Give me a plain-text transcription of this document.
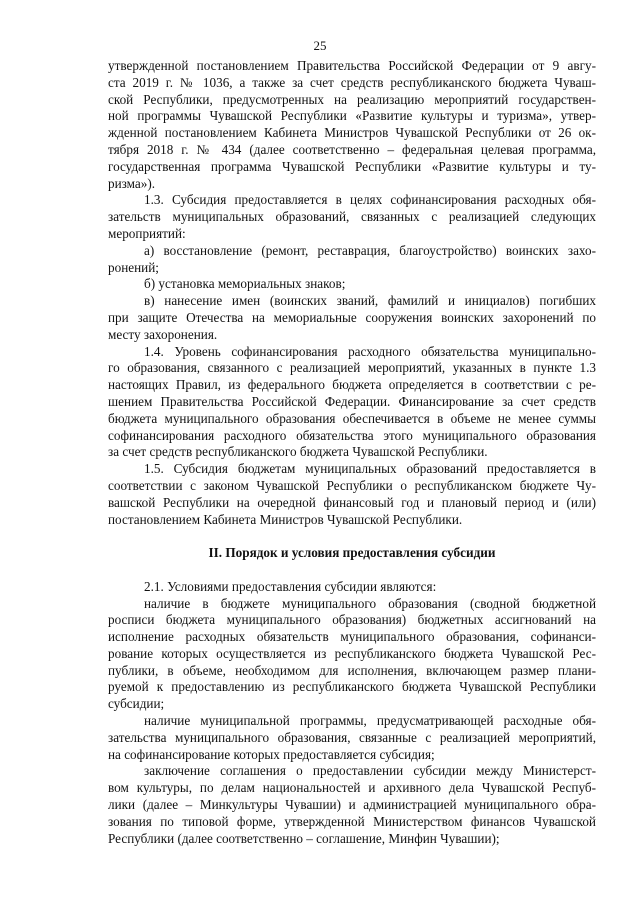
25
утвержденной постановлением Правительства Российской Федерации от 9 авгу-
ста 2019 г. № 1036, а также за счет средств республиканского бюджета Чуваш-
ской Республики, предусмотренных на реализацию мероприятий государствен-
ной программы Чувашской Республики «Развитие культуры и туризма», утвер-
жденной постановлением Кабинета Министров Чувашской Республики от 26 ок-
тября 2018 г. № 434 (далее соответственно – федеральная целевая программа,
государственная программа Чувашской Республики «Развитие культуры и ту-
ризма»).
1.3. Субсидия предоставляется в целях софинансирования расходных обя-
зательств муниципальных образований, связанных с реализацией следующих
мероприятий:
а) восстановление (ремонт, реставрация, благоустройство) воинских захо-
ронений;
б) установка мемориальных знаков;
в) нанесение имен (воинских званий, фамилий и инициалов) погибших
при защите Отечества на мемориальные сооружения воинских захоронений по
месту захоронения.
1.4. Уровень софинансирования расходного обязательства муниципально-
го образования, связанного с реализацией мероприятий, указанных в пункте 1.3
настоящих Правил, из федерального бюджета определяется в соответствии с ре-
шением Правительства Российской Федерации. Финансирование за счет средств
бюджета муниципального образования обеспечивается в объеме не менее суммы
софинансирования расходного обязательства этого муниципального образования
за счет средств республиканского бюджета Чувашской Республики.
1.5. Субсидия бюджетам муниципальных образований предоставляется в
соответствии с законом Чувашской Республики о республиканском бюджете Чу-
вашской Республики на очередной финансовый год и плановый период и (или)
постановлением Кабинета Министров Чувашской Республики.
II. Порядок и условия предоставления субсидии
2.1. Условиями предоставления субсидии являются:
наличие в бюджете муниципального образования (сводной бюджетной
росписи бюджета муниципального образования) бюджетных ассигнований на
исполнение расходных обязательств муниципального образования, софинанси-
рование которых осуществляется из республиканского бюджета Чувашской Рес-
публики, в объеме, необходимом для исполнения, включающем размер плани-
руемой к предоставлению из республиканского бюджета Чувашской Республики
субсидии;
наличие муниципальной программы, предусматривающей расходные обя-
зательства муниципального образования, связанные с реализацией мероприятий,
на софинансирование которых предоставляется субсидия;
заключение соглашения о предоставлении субсидии между Министерст-
вом культуры, по делам национальностей и архивного дела Чувашской Респуб-
лики (далее – Минкультуры Чувашии) и администрацией муниципального обра-
зования по типовой форме, утвержденной Министерством финансов Чувашской
Республики (далее соответственно – соглашение, Минфин Чувашии);
